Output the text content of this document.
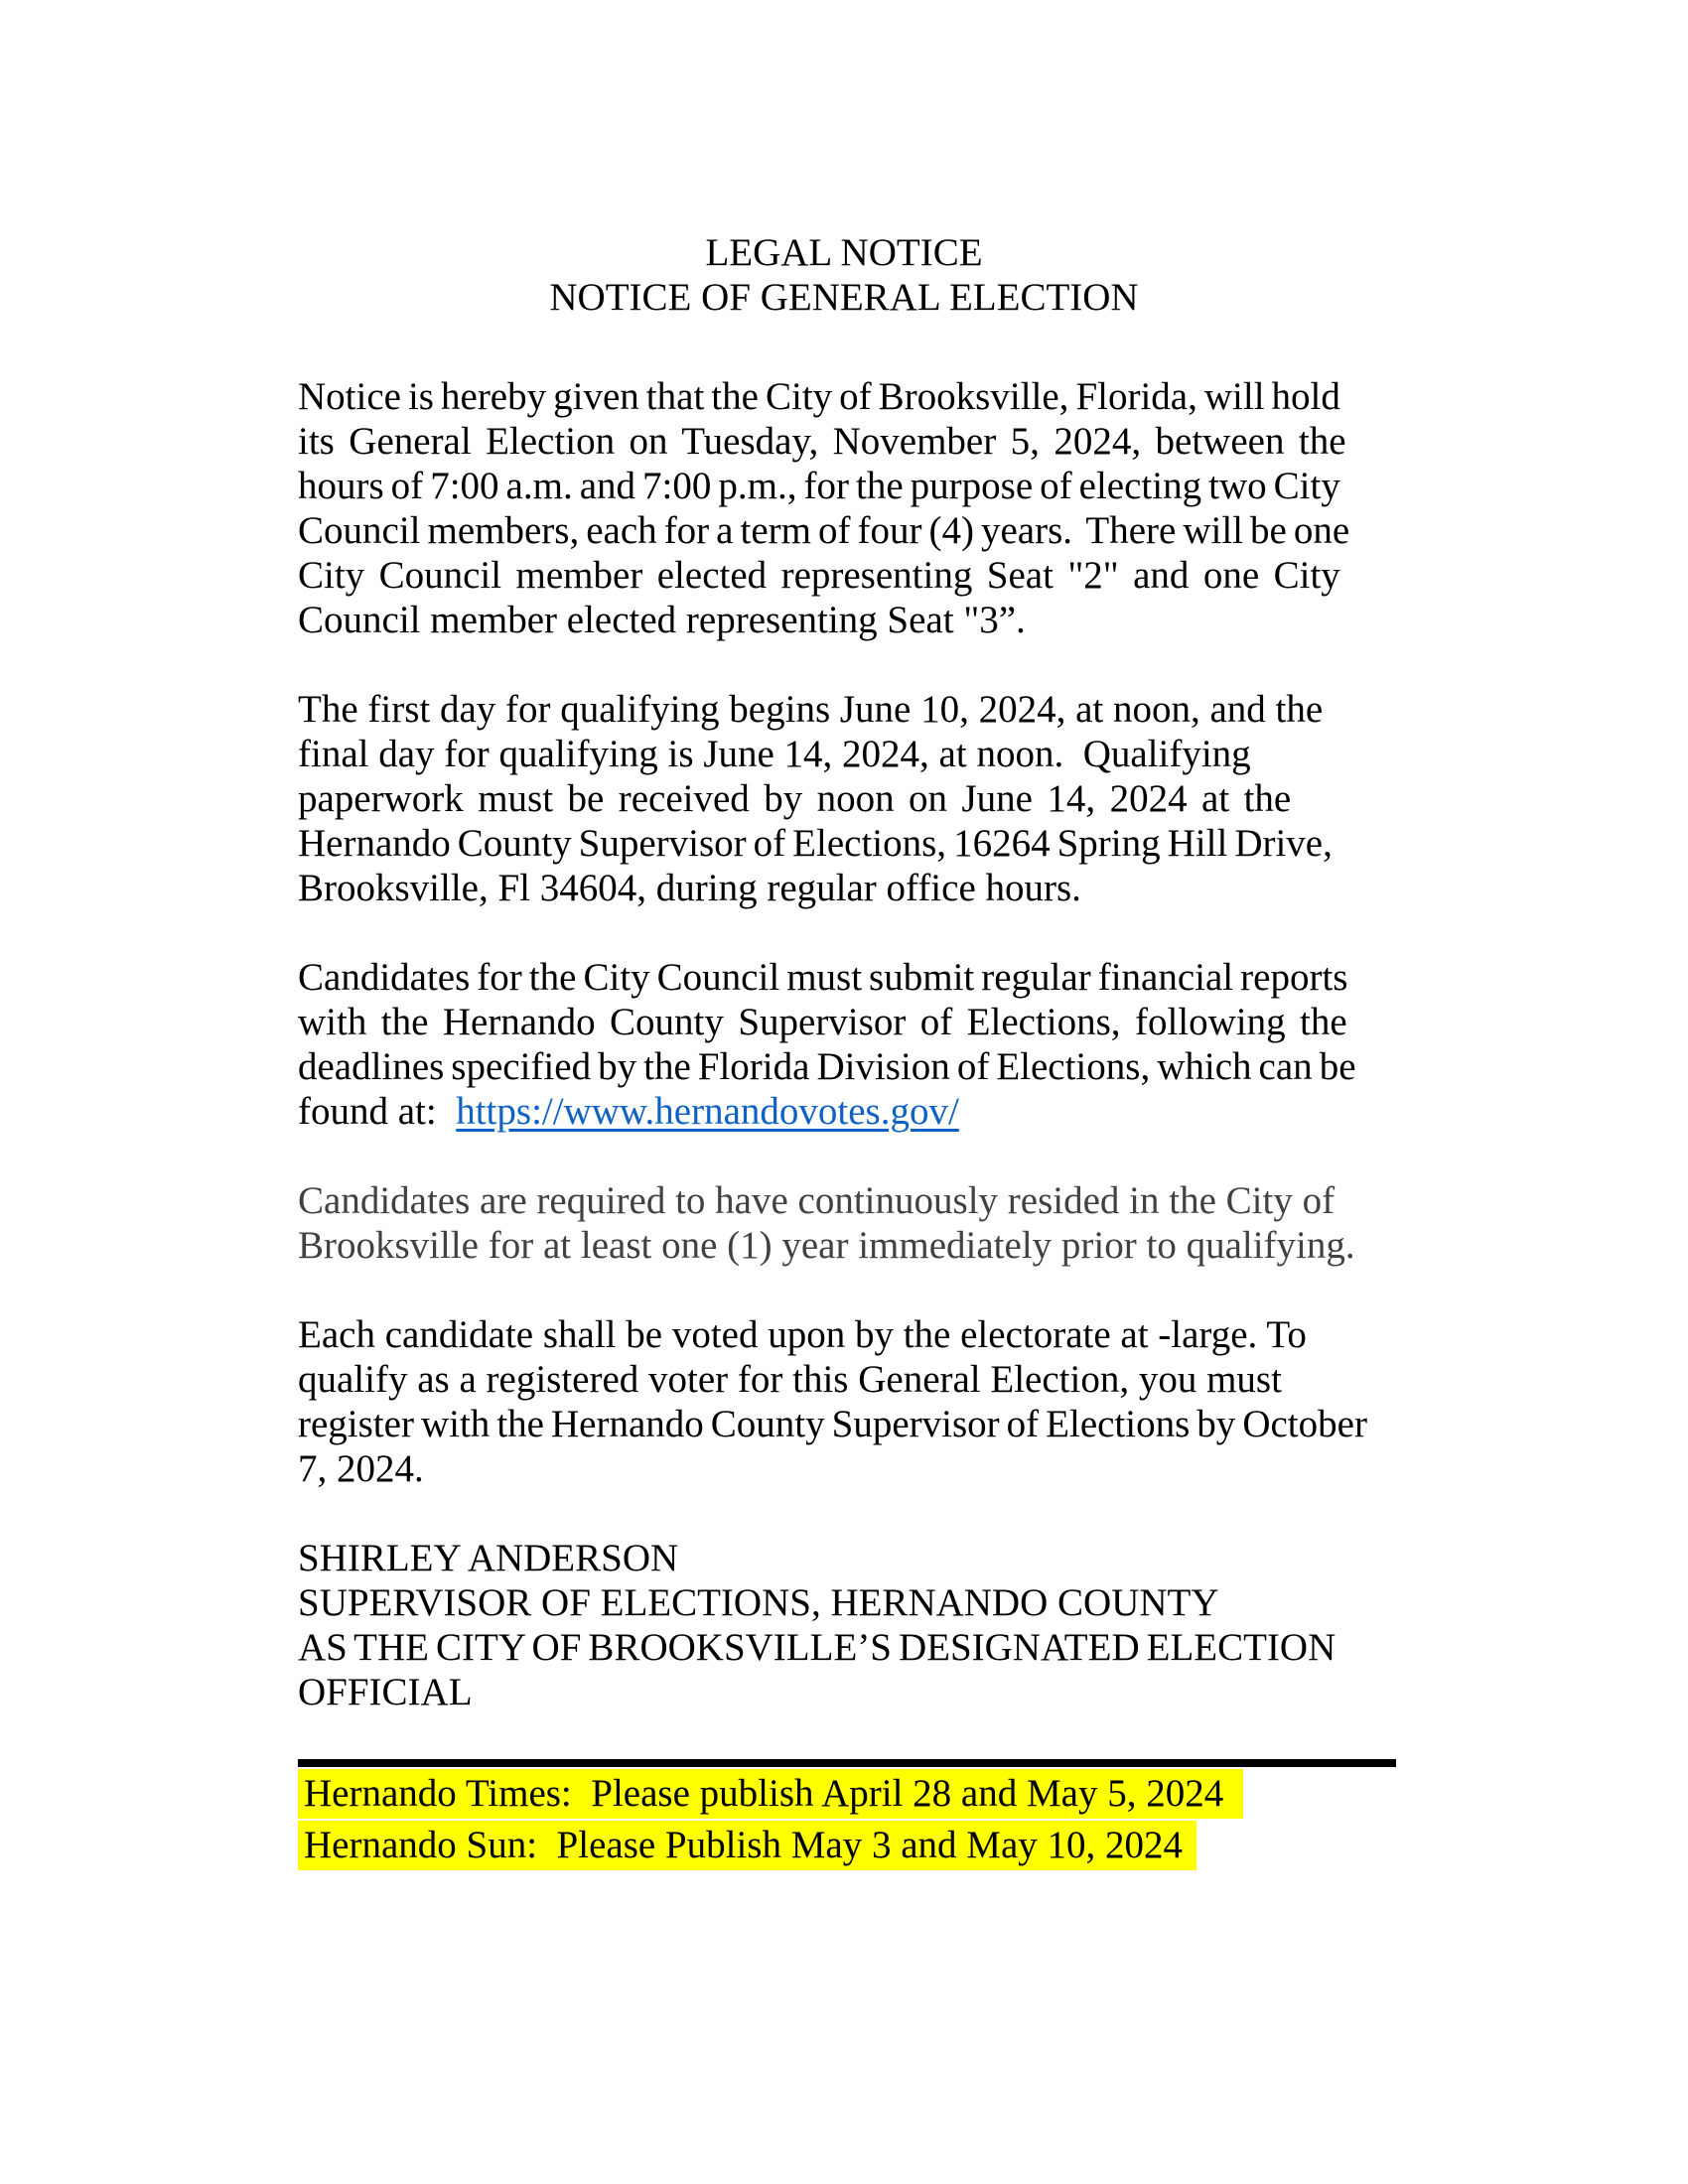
LEGAL NOTICE
NOTICE OF GENERAL ELECTION
Notice is hereby given that the City of Brooksville, Florida, will hold
its General Election on Tuesday, November 5, 2024, between the
hours of 7:00 a.m. and 7:00 p.m., for the purpose of electing two City
Council members, each for a term of four (4) years.  There will be one
City Council member elected representing Seat "2" and one City
Council member elected representing Seat "3”.
The first day for qualifying begins June 10, 2024, at noon, and the
final day for qualifying is June 14, 2024, at noon.  Qualifying
paperwork must be received by noon on June 14, 2024 at the
Hernando County Supervisor of Elections, 16264 Spring Hill Drive,
Brooksville, Fl 34604, during regular office hours.
Candidates for the City Council must submit regular financial reports
with the Hernando County Supervisor of Elections, following the
deadlines specified by the Florida Division of Elections, which can be
found at:  https://www.hernandovotes.gov/
Candidates are required to have continuously resided in the City of
Brooksville for at least one (1) year immediately prior to qualifying.
Each candidate shall be voted upon by the electorate at -large. To
qualify as a registered voter for this General Election, you must
register with the Hernando County Supervisor of Elections by October
7, 2024.
SHIRLEY ANDERSON
SUPERVISOR OF ELECTIONS, HERNANDO COUNTY
AS THE CITY OF BROOKSVILLE’S DESIGNATED ELECTION
OFFICIAL
Hernando Times:  Please publish April 28 and May 5, 2024
Hernando Sun:  Please Publish May 3 and May 10, 2024
